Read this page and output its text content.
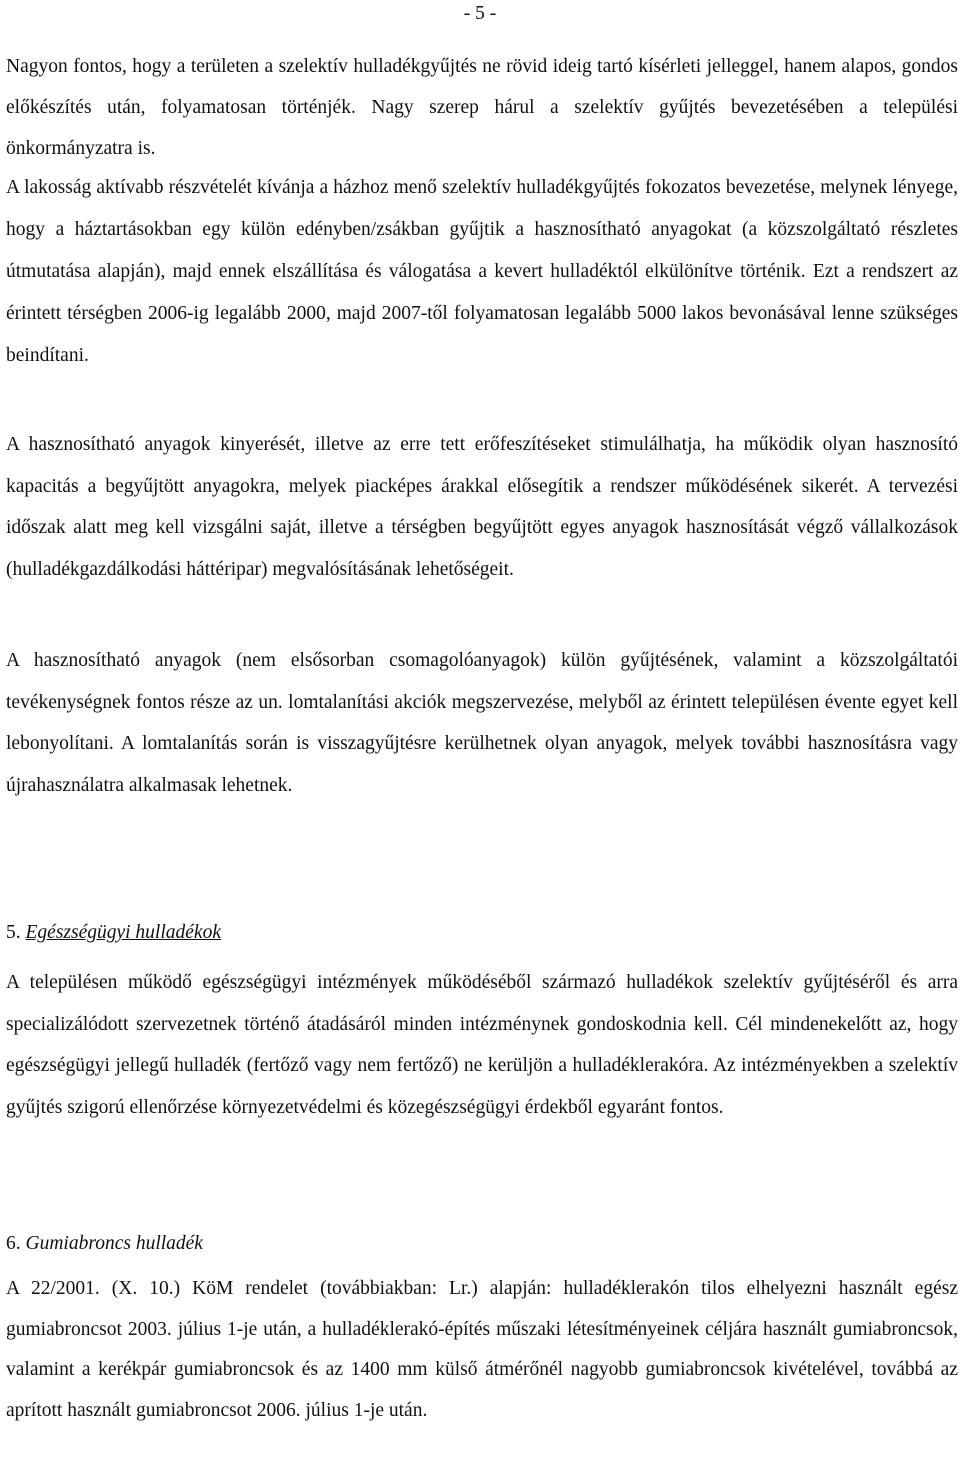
- 5 -

Nagyon fontos, hogy a területen a szelektív hulladékgyűjtés ne rövid ideig tartó kísérleti jelleggel, hanem alapos, gondos előkészítés után, folyamatosan történjék. Nagy szerep hárul a szelektív gyűjtés bevezetésében a települési önkormányzatra is.

A lakosság aktívabb részvételét kívánja a házhoz menő szelektív hulladékgyűjtés fokozatos bevezetése, melynek lényege, hogy a háztartásokban egy külön edényben/zsákban gyűjtik a hasznosítható anyagokat (a közszolgáltató részletes útmutatása alapján), majd ennek elszállítása és válogatása a kevert hulladéktól elkülönítve történik. Ezt a rendszert az érintett térségben 2006-ig legalább 2000, majd 2007-től folyamatosan legalább 5000 lakos bevonásával lenne szükséges beindítani.

A hasznosítható anyagok kinyerését, illetve az erre tett erőfeszítéseket stimulálhatja, ha működik olyan hasznosító kapacitás a begyűjtött anyagokra, melyek piacképes árakkal elősegítik a rendszer működésének sikerét. A tervezési időszak alatt meg kell vizsgálni saját, illetve a térségben begyűjtött egyes anyagok hasznosítását végző vállalkozások (hulladékgazdálkodási háttéripar) megvalósításának lehetőségeit.

A hasznosítható anyagok (nem elsősorban csomagolóanyagok) külön gyűjtésének, valamint a közszolgáltatói tevékenységnek fontos része az un. lomtalanítási akciók megszervezése, melyből az érintett településen évente egyet kell lebonyolítani. A lomtalanítás során is visszagyűjtésre kerülhetnek olyan anyagok, melyek további hasznosításra vagy újrahasználatra alkalmasak lehetnek.

5. Egészségügyi hulladékok

A településen működő egészségügyi intézmények működéséből származó hulladékok szelektív gyűjtéséről és arra specializálódott szervezetnek történő átadásáról minden intézménynek gondoskodnia kell. Cél mindenekelőtt az, hogy egészségügyi jellegű hulladék (fertőző vagy nem fertőző) ne kerüljön a hulladéklerakóra. Az intézményekben a szelektív gyűjtés szigorú ellenőrzése környezetvédelmi és közegészségügyi érdekből egyaránt fontos.

6. Gumiabroncs hulladék

A 22/2001. (X. 10.) KöM rendelet (továbbiakban: Lr.) alapján: hulladéklerakón tilos elhelyezni használt egész gumiabroncsot 2003. július 1-je után, a hulladéklerakó-építés műszaki létesítményeinek céljára használt gumiabroncsok, valamint a kerékpár gumiabroncsok és az 1400 mm külső átmérőnél nagyobb gumiabroncsok kivételével, továbbá az aprított használt gumiabroncsot 2006. július 1-je után.
